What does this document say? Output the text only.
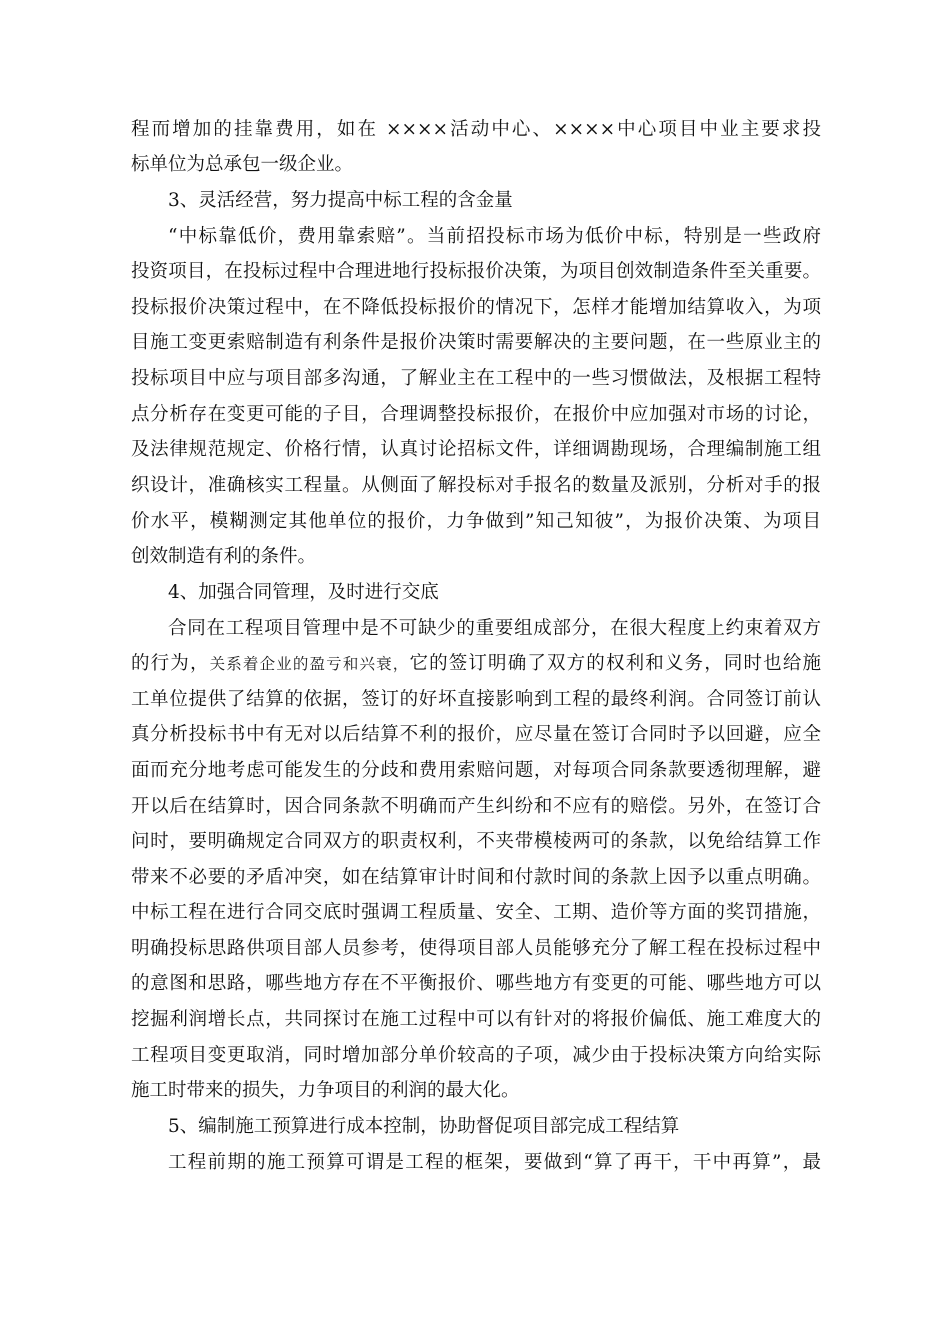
程而增加的挂靠费用，如在 ××××活动中心、××××中心项目中业主要求投
标单位为总承包一级企业。
3、灵活经营，努力提高中标工程的含金量
“中标靠低价，费用靠索赔”。当前招投标市场为低价中标，特别是一些政府
投资项目，在投标过程中合理进地行投标报价决策，为项目创效制造条件至关重要。
投标报价决策过程中，在不降低投标报价的情况下，怎样才能增加结算收入，为项
目施工变更索赔制造有利条件是报价决策时需要解决的主要问题，在一些原业主的
投标项目中应与项目部多沟通，了解业主在工程中的一些习惯做法，及根据工程特
点分析存在变更可能的子目，合理调整投标报价，在报价中应加强对市场的讨论，
及法律规范规定、价格行情，认真讨论招标文件，详细调勘现场，合理编制施工组
织设计，准确核实工程量。从侧面了解投标对手报名的数量及派别，分析对手的报
价水平，模糊测定其他单位的报价，力争做到”知己知彼”，为报价决策、为项目
创效制造有利的条件。
4、加强合同管理，及时进行交底
合同在工程项目管理中是不可缺少的重要组成部分，在很大程度上约束着双方
的行为，关系着企业的盈亏和兴衰，它的签订明确了双方的权利和义务，同时也给施
工单位提供了结算的依据，签订的好坏直接影响到工程的最终利润。合同签订前认
真分析投标书中有无对以后结算不利的报价，应尽量在签订合同时予以回避，应全
面而充分地考虑可能发生的分歧和费用索赔问题，对每项合同条款要透彻理解，避
开以后在结算时，因合同条款不明确而产生纠纷和不应有的赔偿。另外，在签订合
问时，要明确规定合同双方的职责权利，不夹带模棱两可的条款，以免给结算工作
带来不必要的矛盾冲突，如在结算审计时间和付款时间的条款上因予以重点明确。
中标工程在进行合同交底时强调工程质量、安全、工期、造价等方面的奖罚措施，
明确投标思路供项目部人员参考，使得项目部人员能够充分了解工程在投标过程中
的意图和思路，哪些地方存在不平衡报价、哪些地方有变更的可能、哪些地方可以
挖掘利润增长点，共同探讨在施工过程中可以有针对的将报价偏低、施工难度大的
工程项目变更取消，同时增加部分单价较高的子项，减少由于投标决策方向给实际
施工时带来的损失，力争项目的利润的最大化。
5、编制施工预算进行成本控制，协助督促项目部完成工程结算
工程前期的施工预算可谓是工程的框架，要做到“算了再干，干中再算”，最
